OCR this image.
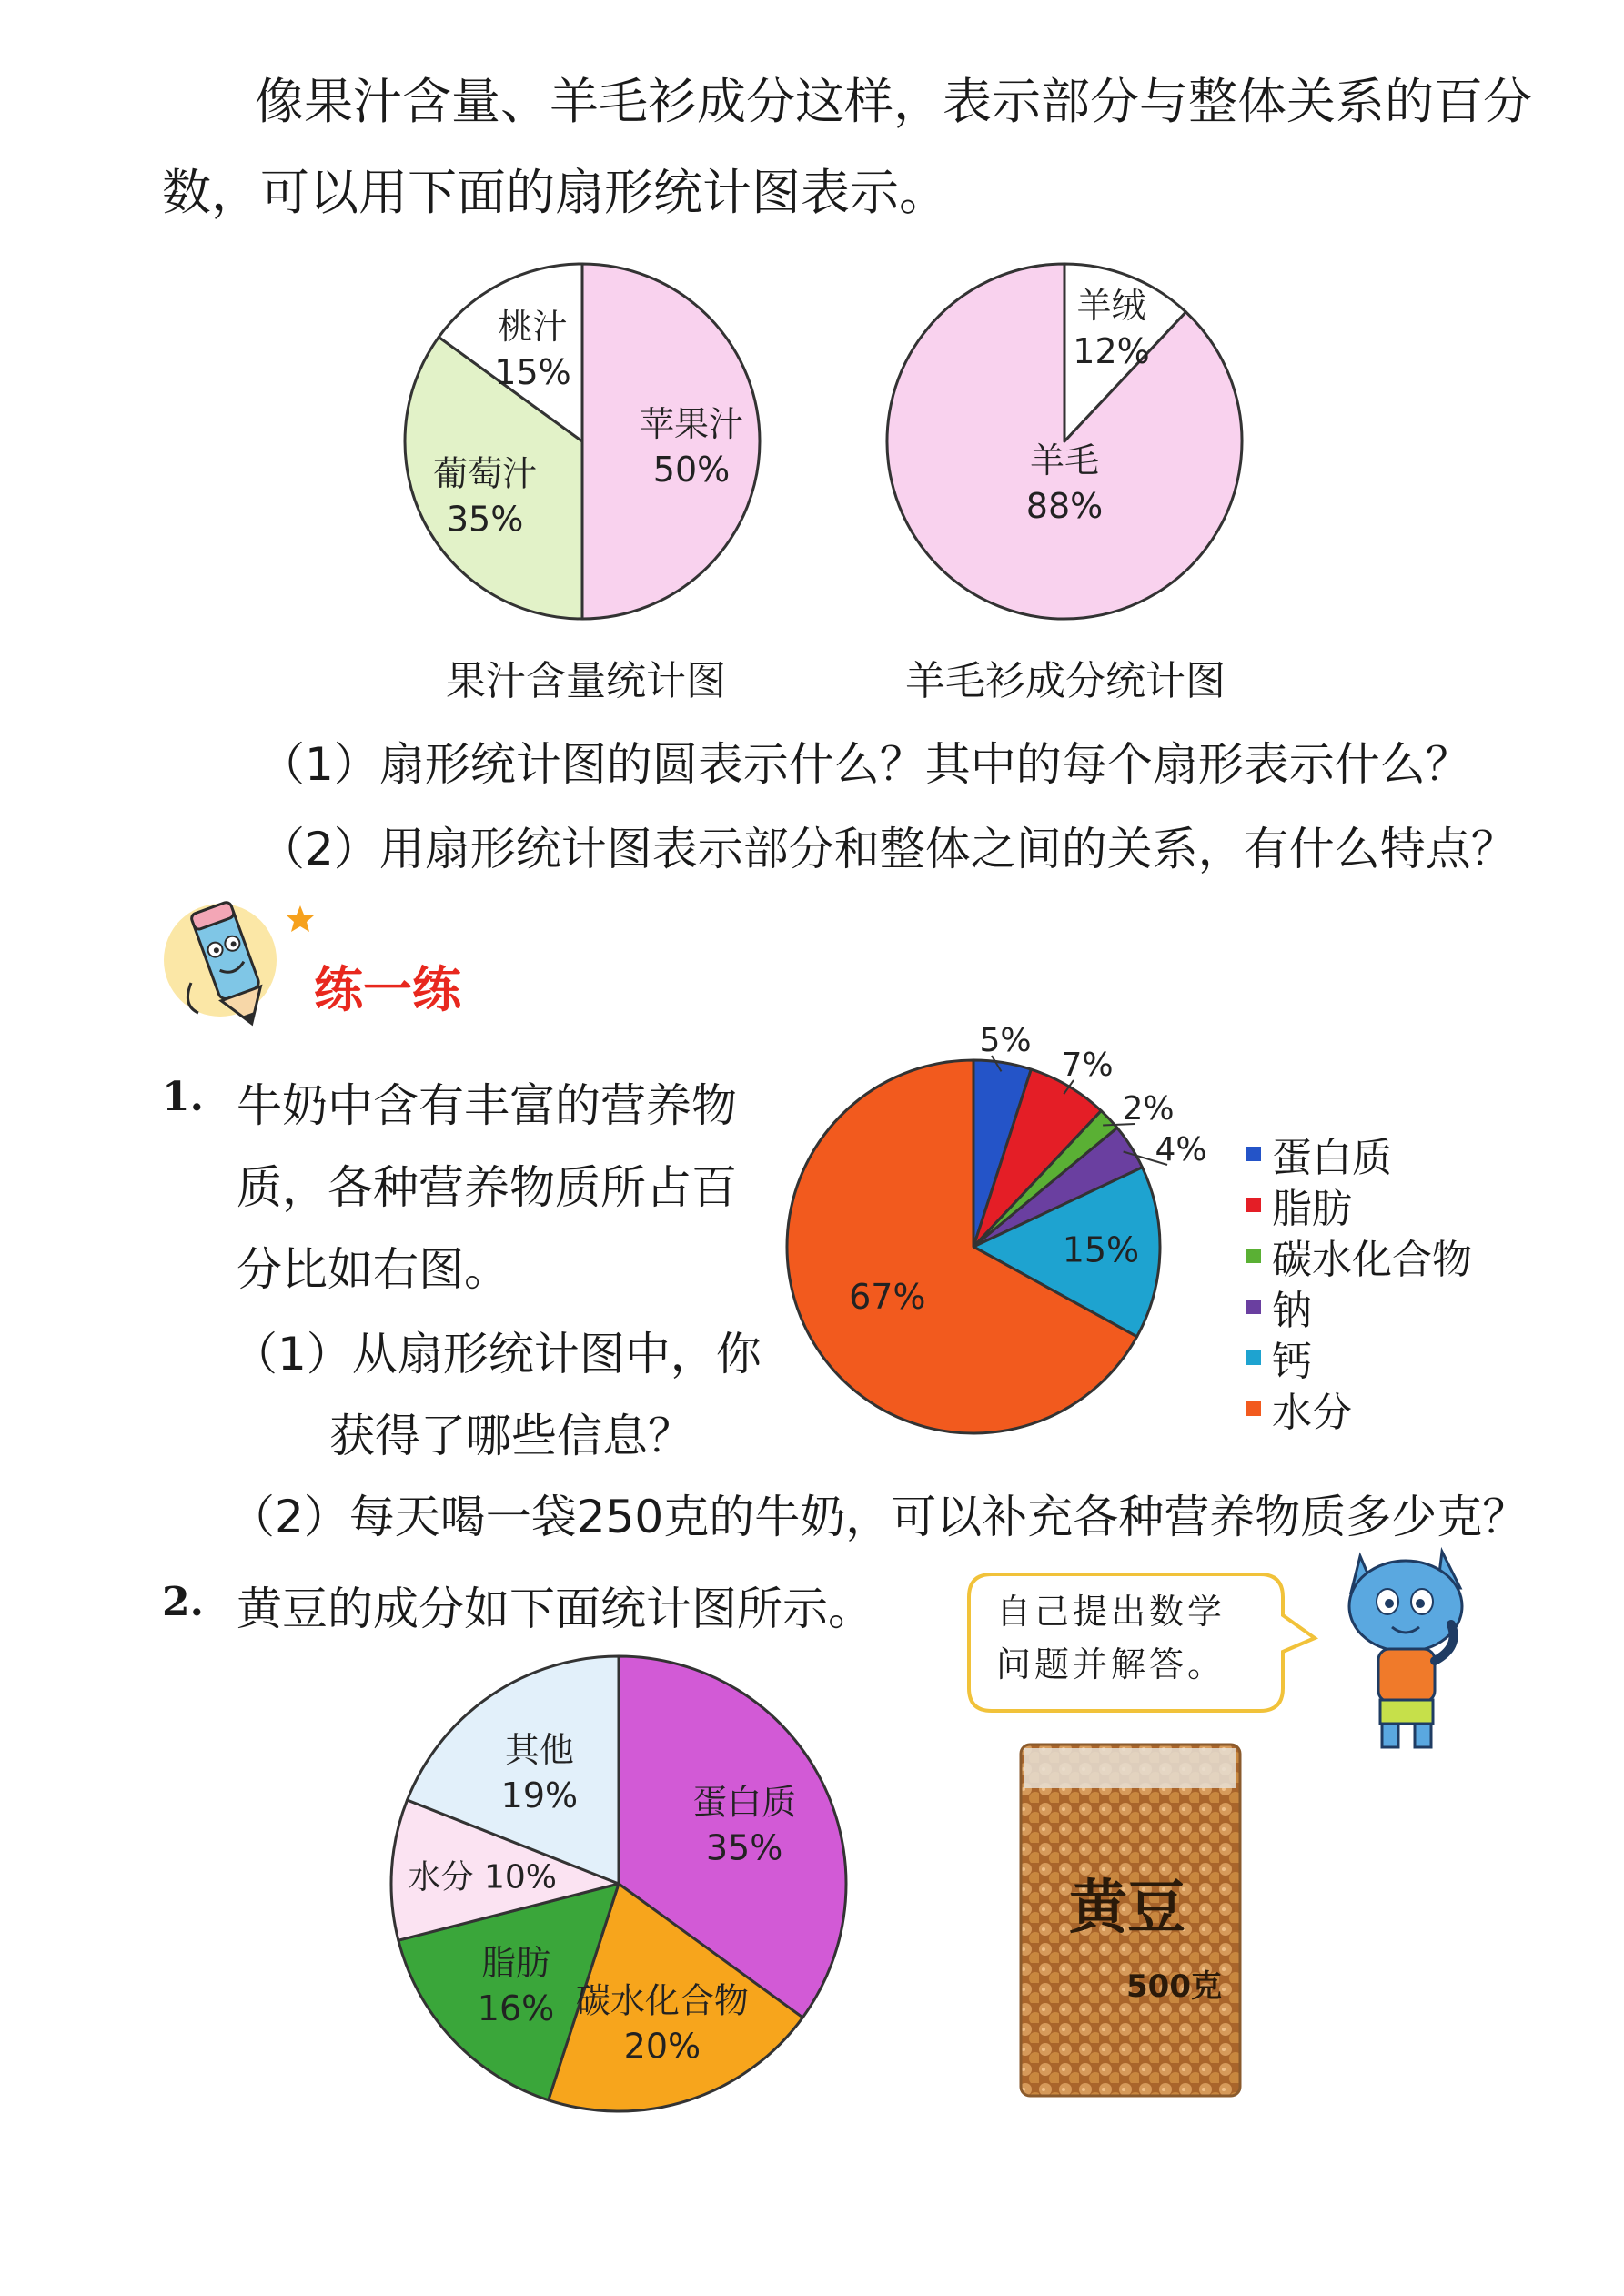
像果汁含量、羊毛衫成分这样，表示部分与整体关系的百分
数，可以用下面的扇形统计图表示。
苹果汁
50%
葡萄汁
35%
桃汁
15%
果汁含量统计图
羊绒
12%
羊毛
88%
羊毛衫成分统计图
（1）扇形统计图的圆表示什么？其中的每个扇形表示什么？
（2）用扇形统计图表示部分和整体之间的关系，有什么特点？
练一练
1. 牛奶中含有丰富的营养物
质，各种营养物质所占百
分比如右图。
（1）从扇形统计图中，你
获得了哪些信息？
（2）每天喝一袋250克的牛奶，可以补充各种营养物质多少克？
5%
7%
2%
4%
15%
67%
蛋白质
脂肪
碳水化合物
钠
钙
水分
2. 黄豆的成分如下面统计图所示。	自己提出数学
问题并解答。
蛋白质
35%
碳水化合物
20%
脂肪
16%
水分 10%
其他
19%
黄豆
500克
